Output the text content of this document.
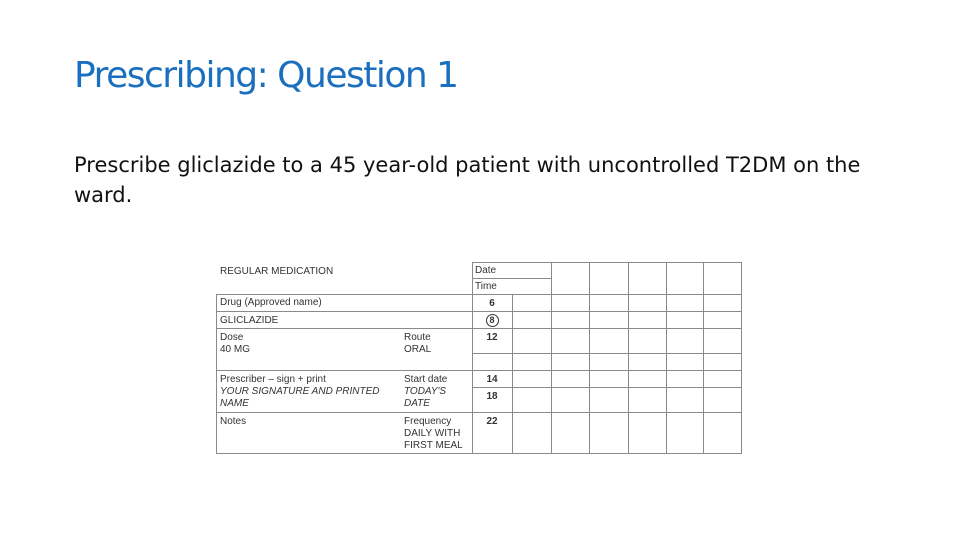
Prescribing: Question 1
Prescribe gliclazide to a 45 year-old patient with uncontrolled T2DM on the ward.
REGULAR MEDICATION	Date
Time
Drug (Approved name)
GLICLAZIDE
Dose
40 MG
Route
ORAL
Prescriber – sign + print
YOUR SIGNATURE AND PRINTED
NAME
Start date
TODAY'S
DATE
Notes	Frequency
DAILY WITH
FIRST MEAL
6
8
12
14
18
22
